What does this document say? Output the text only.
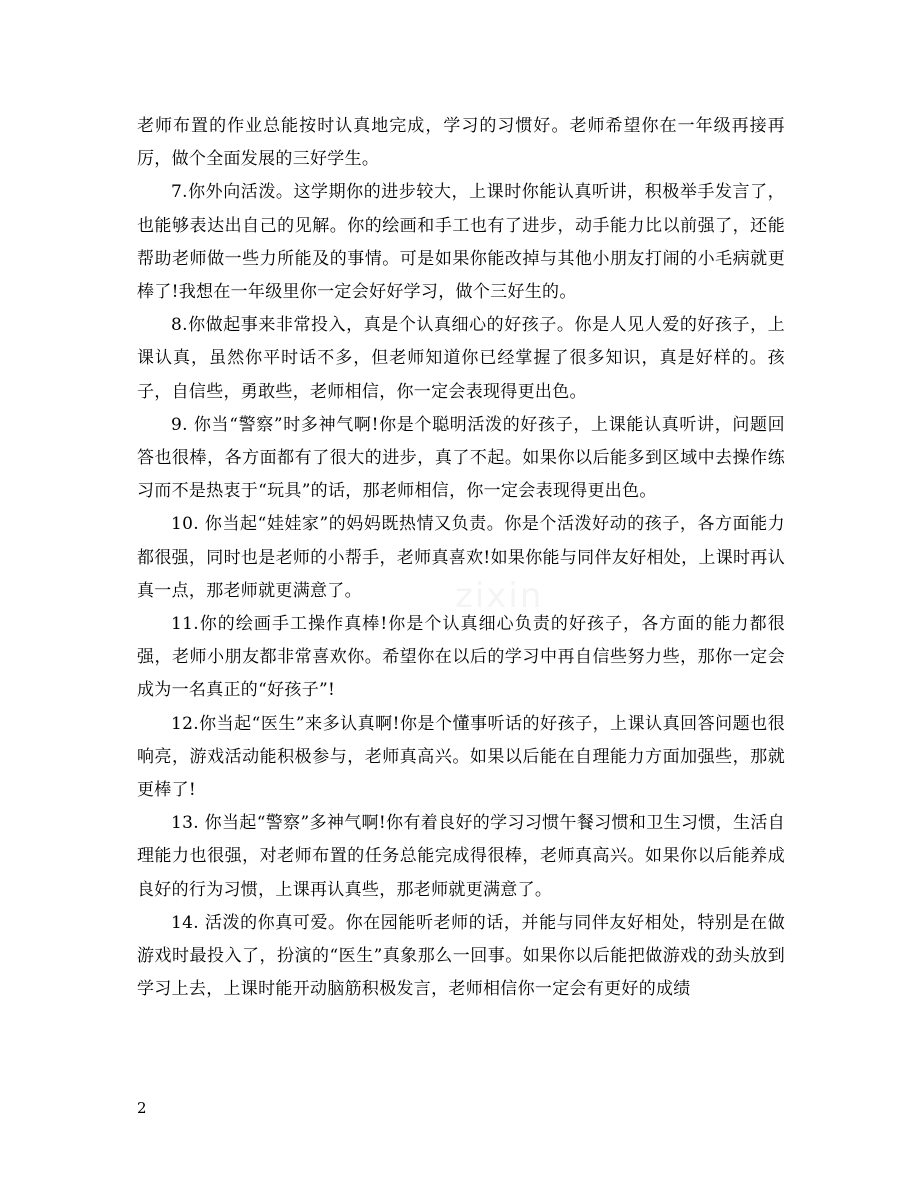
老师布置的作业总能按时认真地完成，学习的习惯好。老师希望你在一年级再接再厉，做个全面发展的三好学生。

7.你外向活泼。这学期你的进步较大，上课时你能认真听讲，积极举手发言了，也能够表达出自己的见解。你的绘画和手工也有了进步，动手能力比以前强了，还能帮助老师做一些力所能及的事情。可是如果你能改掉与其他小朋友打闹的小毛病就更棒了!我想在一年级里你一定会好好学习，做个三好生的。

8.你做起事来非常投入，真是个认真细心的好孩子。你是人见人爱的好孩子，上课认真，虽然你平时话不多，但老师知道你已经掌握了很多知识，真是好样的。孩子，自信些，勇敢些，老师相信，你一定会表现得更出色。

9. 你当“警察”时多神气啊!你是个聪明活泼的好孩子，上课能认真听讲，问题回答也很棒，各方面都有了很大的进步，真了不起。如果你以后能多到区域中去操作练习而不是热衷于“玩具”的话，那老师相信，你一定会表现得更出色。

10. 你当起“娃娃家”的妈妈既热情又负责。你是个活泼好动的孩子，各方面能力都很强，同时也是老师的小帮手，老师真喜欢!如果你能与同伴友好相处，上课时再认真一点，那老师就更满意了。

11.你的绘画手工操作真棒!你是个认真细心负责的好孩子，各方面的能力都很强，老师小朋友都非常喜欢你。希望你在以后的学习中再自信些努力些，那你一定会成为一名真正的“好孩子”!

12.你当起“医生”来多认真啊!你是个懂事听话的好孩子，上课认真回答问题也很响亮，游戏活动能积极参与，老师真高兴。如果以后能在自理能力方面加强些，那就更棒了!

13. 你当起“警察”多神气啊!你有着良好的学习习惯午餐习惯和卫生习惯，生活自理能力也很强，对老师布置的任务总能完成得很棒，老师真高兴。如果你以后能养成良好的行为习惯，上课再认真些，那老师就更满意了。

14. 活泼的你真可爱。你在园能听老师的话，并能与同伴友好相处，特别是在做游戏时最投入了，扮演的“医生”真象那么一回事。如果你以后能把做游戏的劲头放到学习上去，上课时能开动脑筋积极发言，老师相信你一定会有更好的成绩

2
